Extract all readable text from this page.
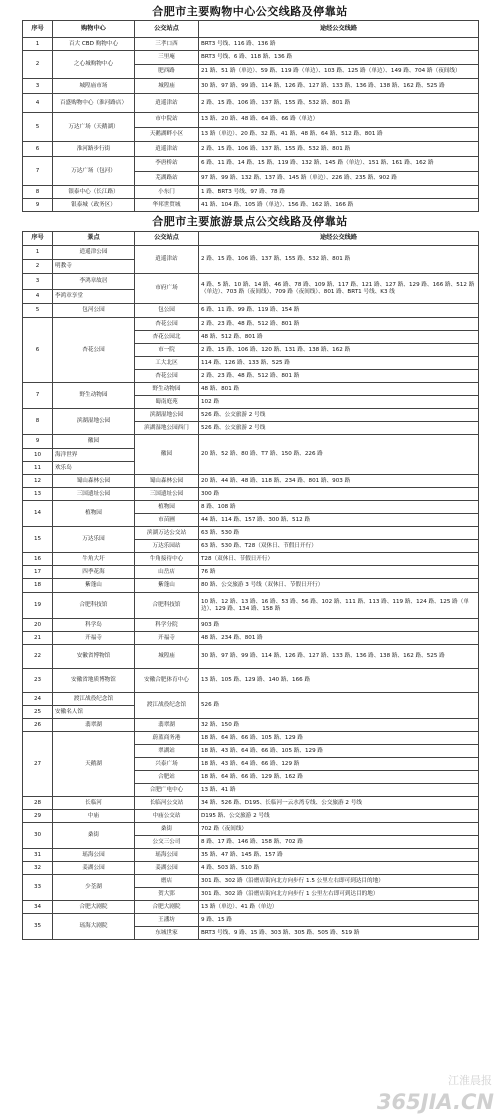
合肥市主要购物中心公交线路及停靠站
序号	购物中心	公交站点	途经公交线路
1	百大 CBD 购物中心	三孝口西	BRT3 号线、116 路、136 路
2	之心城购物中心	三里庵	BRT3 号线、6 路、118 路、136 路
		肥西路	21 路、51 路（单边）、59 路、119 路（单边）、103 路、125 路（单边）、149 路、704 路（夜间线）
3	城隍庙市场	城隍庙	30 路、97 路、99 路、114 路、126 路、127 路、133 路、136 路、138 路、162 路、525 路
4	百盛购物中心（淮河路店）	逍遥津站	2 路、15 路、106 路、137 路、155 路、532 路、801 路
5	万达广场（天鹅湖）	市中院站	13 路、20 路、48 路、64 路、66 路（单边）
		天鹅湖畔小区	13 路（单边）、20 路、32 路、41 路、48 路、64 路、512 路、801 路
6	淮河路步行街	逍遥津站	2 路、15 路、106 路、137 路、155 路、532 路、801 路
7	万达广场（包河）	李唐桥站	6 路、11 路、14 路、15 路、119 路、132 路、145 路（单边）、151 路、161 路、162 路
		芜湖路站	97 路、99 路、132 路、137 路、145 路（单边）、226 路、235 路、902 路
8	银泰中心（长江路）	小东门	1 路、BRT3 号线、97 路、78 路
9	银泰城（政务区）	华邦世贸城	41 路、104 路、105 路（单边）、156 路、162 路、166 路
合肥市主要旅游景点公交线路及停靠站
序号	景点	公交站点	途经公交线路
1	逍遥津公园	逍遥津站	2 路、15 路、106 路、137 路、155 路、532 路、801 路
2	明教寺		
3	李鸿章故居	市府广场	4 路、5 路、10 路、14 路、46 路、78 路、109 路、117 路、121 路、127 路、129 路、166 路、512 路（单边）、703 路（夜间线）、709 路（夜间线）、801 路、BRT1 号线、K3 线
4	李鸿章享堂		
5	包河公园	包公园	6 路、11 路、99 路、119 路、154 路
6	杏花公园	杏花公园	2 路、23 路、48 路、512 路、801 路
		杏花公园北	48 路、512 路、801 路
		市一院	2 路、15 路、106 路、120 路、131 路、138 路、162 路
		工大北区	114 路、126 路、133 路、525 路
		杏花公园	2 路、23 路、48 路、512 路、801 路
7	野生动物园	野生动物园	48 路、801 路
		蜀南庭苑	102 路
8	滨湖湿地公园	滨湖湿地公园	526 路、公交旅游 2 号线
		滨湖湿地公园西门	526 路、公交旅游 2 号线
9	徽园	徽园	20 路、52 路、80 路、T7 路、150 路、226 路
10	海洋世界		
11	欢乐岛		
12	蜀山森林公园	蜀山森林公园	20 路、44 路、48 路、118 路、234 路、801 路、903 路
13	三国遗址公园	三国遗址公园	300 路
14	植物园	植物园	8 路、108 路
		市苗圃	44 路、114 路、157 路、300 路、512 路
15	万达乐园	滨湖万达公交站	63 路、530 路
		万达乐园站	63 路、530 路、T28（双休日、节假日开行）
16	牛角大圩	牛角接待中心	T28（双休日、节假日开行）
17	四季花海	山岳店	76 路
18	紫蓬山	紫蓬山	80 路、公交旅游 3 号线（双休日、节假日开行）
19	合肥科技馆	合肥科技馆	10 路、12 路、13 路、16 路、53 路、56 路、102 路、111 路、113 路、119 路、124 路、125 路（单边）、129 路、134 路、158 路
20	科学岛	科学分院	903 路
21	开福寺	开福寺	48 路、234 路、801 路
22	安徽省博物馆	城隍庙	30 路、97 路、99 路、114 路、126 路、127 路、133 路、136 路、138 路、162 路、525 路
23	安徽省地质博物馆	安徽合肥体育中心	13 路、105 路、129 路、140 路、166 路
24	渡江战役纪念馆	渡江战役纪念馆	526 路
25	安徽名人馆		
26	翡翠湖	翡翠湖	32 路、150 路
27	天鹅湖	蔚蓝商务港	18 路、64 路、66 路、105 路、129 路
		翠湖站	18 路、43 路、64 路、66 路、105 路、129 路
		兴泰广场	18 路、43 路、64 路、66 路、129 路
		合肥站	18 路、64 路、66 路、129 路、162 路
		合肥广电中心	13 路、41 路
28	长临河	长临河公交站	34 路、526 路、D195、长临河一云水湾专线、公交旅游 2 号线
29	中庙	中庙公交站	D195 路、公交旅游 2 号线
30	桑街	桑街	702 路（夜间线）
		公交三公司	8 路、17 路、146 路、158 路、702 路
31	瑶海公园	瑶海公园	35 路、47 路、145 路、157 路
32	姜湖公园	姜湖公园	4 路、503 路、510 路
33	少荃湖	磨店	301 路、302 路（沿磨店街向北方向步行 1.5 公里左右即可到达目的地）
		贺大郢	301 路、302 路（沿磨店街向北方向步行 1 公里左右即可到达目的地）
34	合肥大剧院	合肥大剧院	13 路（单边）、41 路（单边）
35	瑶海大剧院	王潘坊	9 路、15 路
		东城世家	BRT3 号线、9 路、15 路、303 路、305 路、505 路、519 路
江淮晨报
365JIA.CN
